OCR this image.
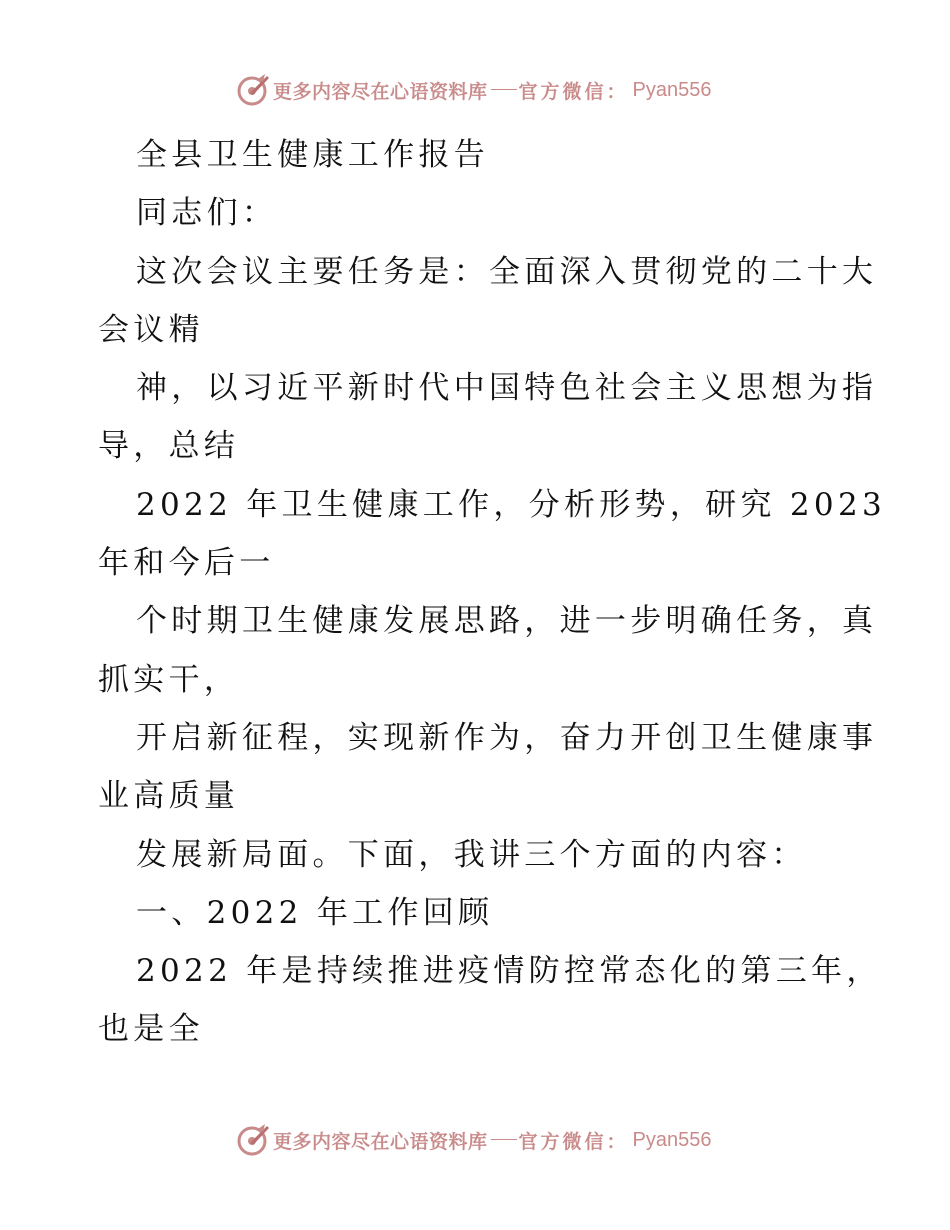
更多内容尽在心语资料库 官方微信： Pyan556
全县卫生健康工作报告
同志们：
这次会议主要任务是：全面深入贯彻党的二十大
会议精
神，以习近平新时代中国特色社会主义思想为指
导，总结
2022 年卫生健康工作，分析形势，研究 2023
年和今后一
个时期卫生健康发展思路，进一步明确任务，真
抓实干，
开启新征程，实现新作为，奋力开创卫生健康事
业高质量
发展新局面。下面，我讲三个方面的内容：
一、2022 年工作回顾
2022 年是持续推进疫情防控常态化的第三年，
也是全
更多内容尽在心语资料库 官方微信： Pyan556
